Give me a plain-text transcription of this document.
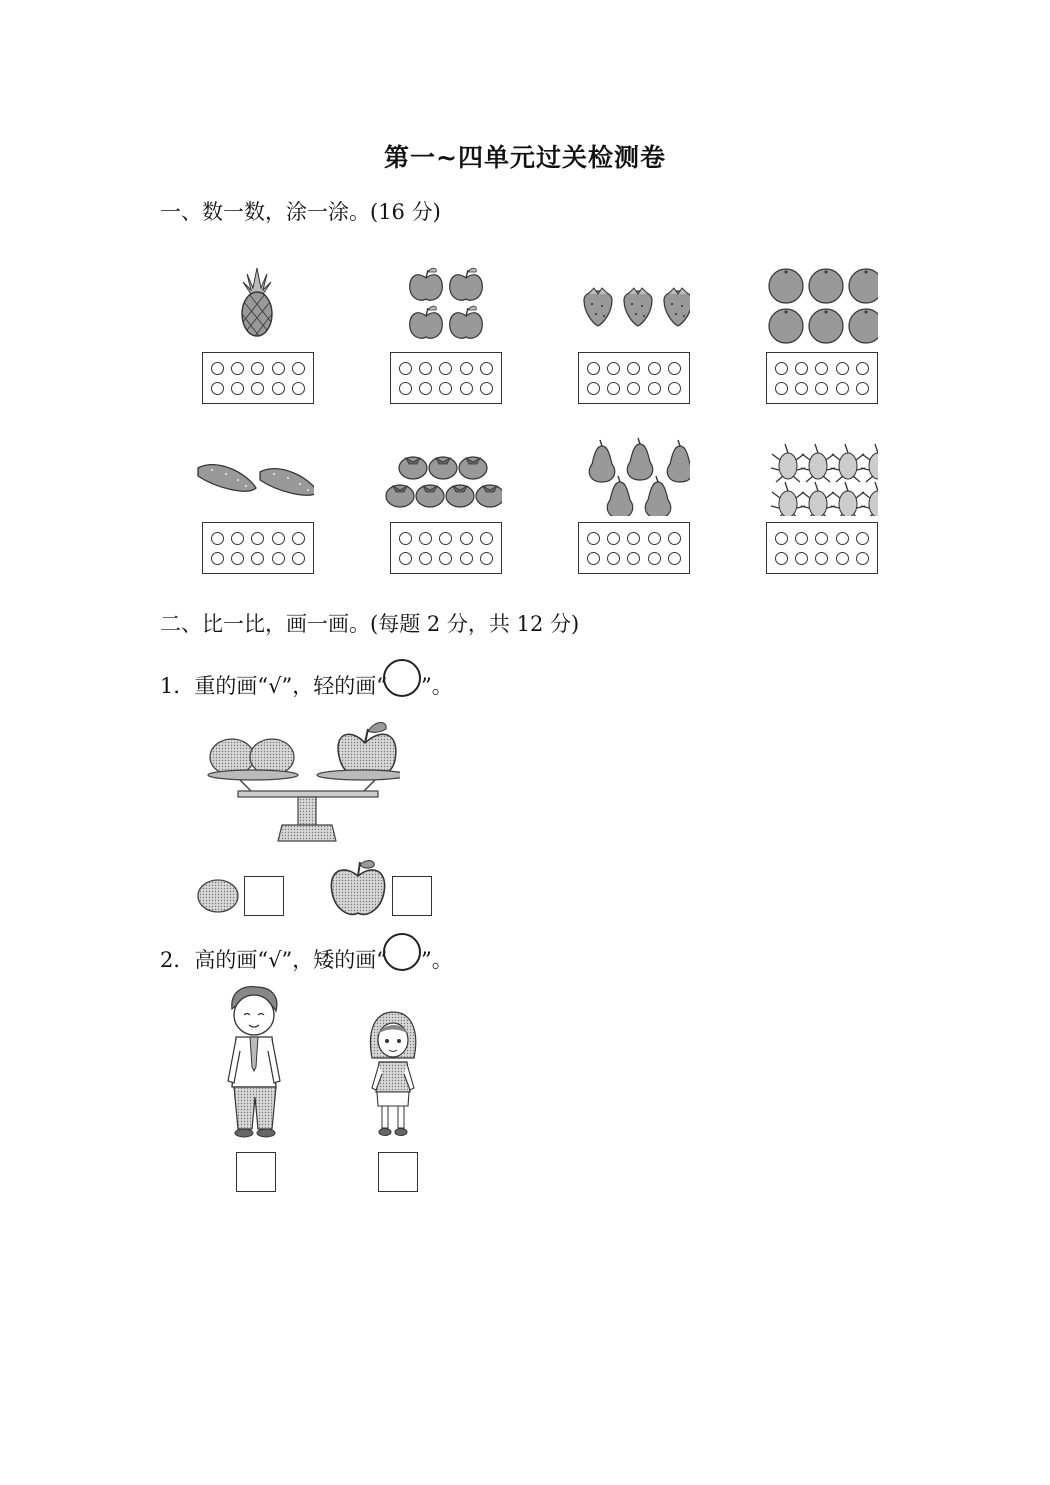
第一~四单元过关检测卷
一、数一数，涂一涂。(16 分)
二、比一比，画一画。(每题 2 分，共 12 分)
1．重的画“√”，轻的画“ ”。
2．高的画“√”，矮的画“ ”。
